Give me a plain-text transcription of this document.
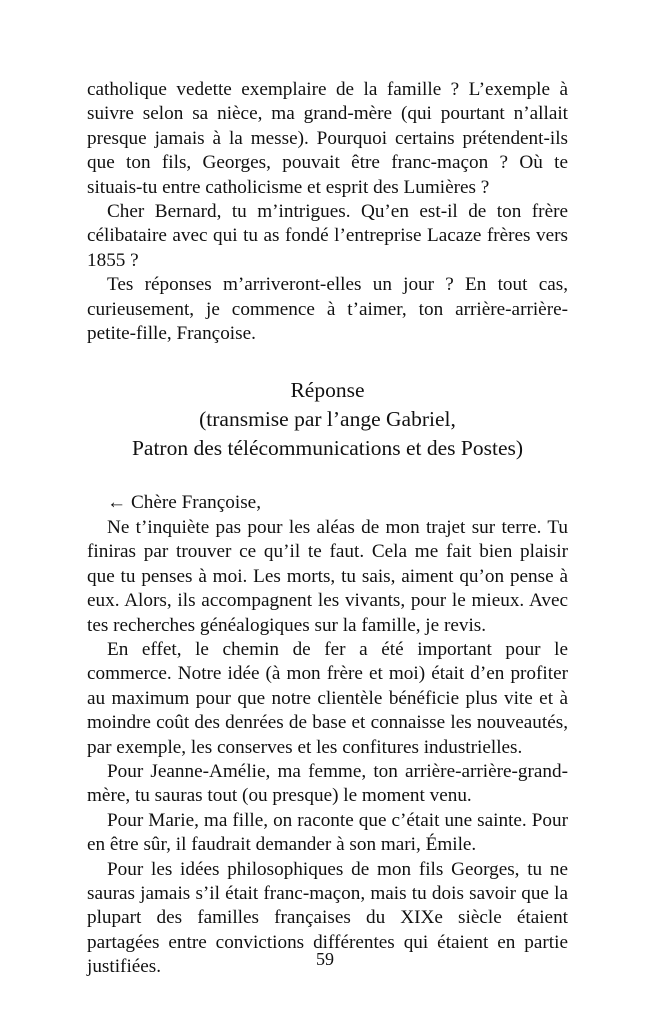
catholique vedette exemplaire de la famille ? L’exemple à suivre selon sa nièce, ma grand-mère (qui pourtant n’allait presque jamais à la messe). Pourquoi certains prétendent-ils que ton fils, Georges, pouvait être franc-maçon ? Où te situais-tu entre catholicisme et esprit des Lumières ?

Cher Bernard, tu m’intrigues. Qu’en est-il de ton frère célibataire avec qui tu as fondé l’entreprise Lacaze frères vers 1855 ?

Tes réponses m’arriveront-elles un jour ? En tout cas, curieusement, je commence à t’aimer, ton arrière-arrière-petite-fille, Françoise.

Réponse
(transmise par l’ange Gabriel,
Patron des télécommunications et des Postes)

← Chère Françoise,

Ne t’inquiète pas pour les aléas de mon trajet sur terre. Tu finiras par trouver ce qu’il te faut. Cela me fait bien plaisir que tu penses à moi. Les morts, tu sais, aiment qu’on pense à eux. Alors, ils accompagnent les vivants, pour le mieux. Avec tes recherches généalogiques sur la famille, je revis.

En effet, le chemin de fer a été important pour le commerce. Notre idée (à mon frère et moi) était d’en profiter au maximum pour que notre clientèle bénéficie plus vite et à moindre coût des denrées de base et connaisse les nouveautés, par exemple, les conserves et les confitures industrielles.

Pour Jeanne-Amélie, ma femme, ton arrière-arrière-grand-mère, tu sauras tout (ou presque) le moment venu.

Pour Marie, ma fille, on raconte que c’était une sainte. Pour en être sûr, il faudrait demander à son mari, Émile.

Pour les idées philosophiques de mon fils Georges, tu ne sauras jamais s’il était franc-maçon, mais tu dois savoir que la plupart des familles françaises du XIXe siècle étaient partagées entre convictions différentes qui étaient en partie justifiées.	59
